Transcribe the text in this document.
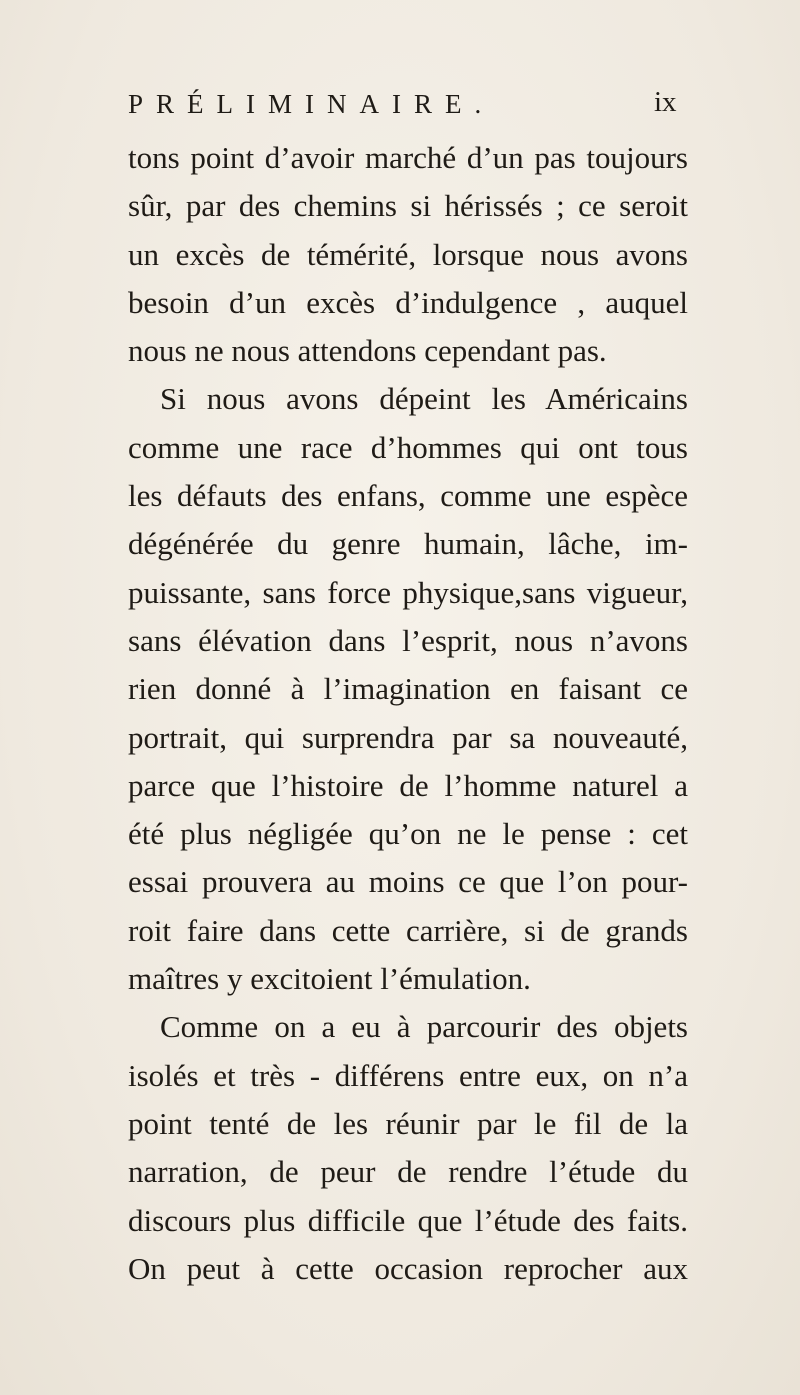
PRÉLIMINAIRE.	ix
tons point d’avoir marché d’un pas toujours
sûr, par des chemins si hérissés ; ce seroit
un excès de témérité, lorsque nous avons
besoin d’un excès d’indulgence , auquel
nous ne nous attendons cependant pas.
Si nous avons dépeint les Américains
comme une race d’hommes qui ont tous
les défauts des enfans, comme une espèce
dégénérée du genre humain, lâche, im-
puissante, sans force physique,sans vigueur,
sans élévation dans l’esprit, nous n’avons
rien donné à l’imagination en faisant ce
portrait, qui surprendra par sa nouveauté,
parce que l’histoire de l’homme naturel a
été plus négligée qu’on ne le pense : cet
essai prouvera au moins ce que l’on pour-
roit faire dans cette carrière, si de grands
maîtres y excitoient l’émulation.
Comme on a eu à parcourir des objets
isolés et très - différens entre eux, on n’a
point tenté de les réunir par le fil de la
narration, de peur de rendre l’étude du
discours plus difficile que l’étude des faits.
On peut à cette occasion reprocher aux
